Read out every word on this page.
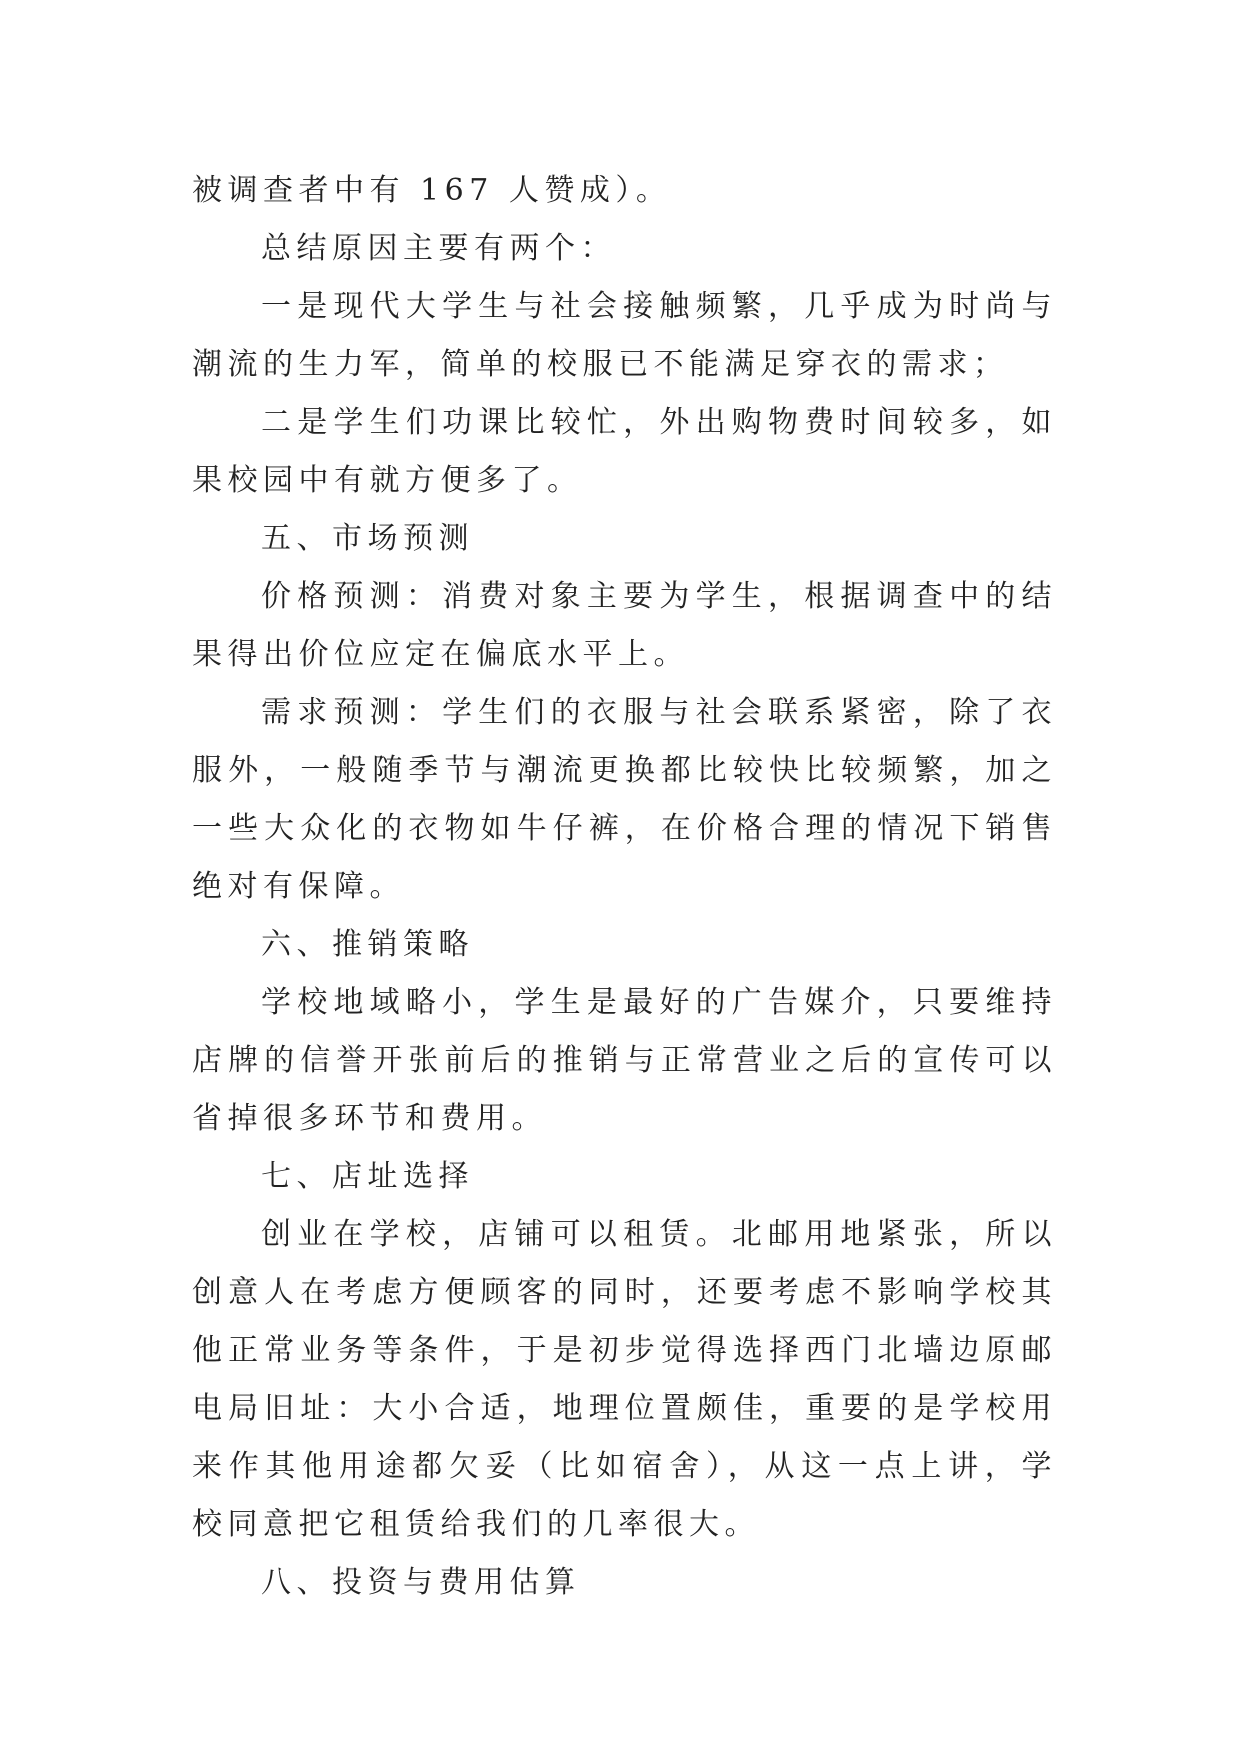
被调查者中有 167 人赞成）。

总结原因主要有两个：

一是现代大学生与社会接触频繁，几乎成为时尚与潮流的生力军，简单的校服已不能满足穿衣的需求；

二是学生们功课比较忙，外出购物费时间较多，如果校园中有就方便多了。

五、市场预测

价格预测：消费对象主要为学生，根据调查中的结果得出价位应定在偏底水平上。

需求预测：学生们的衣服与社会联系紧密，除了衣服外，一般随季节与潮流更换都比较快比较频繁，加之一些大众化的衣物如牛仔裤，在价格合理的情况下销售绝对有保障。

六、推销策略

学校地域略小，学生是最好的广告媒介，只要维持店牌的信誉开张前后的推销与正常营业之后的宣传可以省掉很多环节和费用。

七、店址选择

创业在学校，店铺可以租赁。北邮用地紧张，所以创意人在考虑方便顾客的同时，还要考虑不影响学校其他正常业务等条件，于是初步觉得选择西门北墙边原邮电局旧址：大小合适，地理位置颇佳，重要的是学校用来作其他用途都欠妥（比如宿舍），从这一点上讲，学校同意把它租赁给我们的几率很大。

八、投资与费用估算
